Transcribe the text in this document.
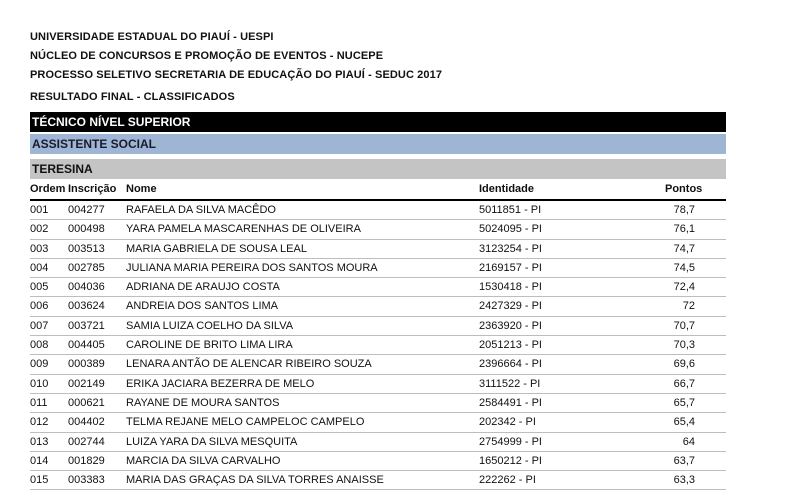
UNIVERSIDADE ESTADUAL DO PIAUÍ - UESPI
NÚCLEO DE CONCURSOS E PROMOÇÃO DE EVENTOS - NUCEPE
PROCESSO SELETIVO SECRETARIA DE EDUCAÇÃO DO PIAUÍ - SEDUC 2017
RESULTADO FINAL - CLASSIFICADOS
TÉCNICO NÍVEL SUPERIOR
ASSISTENTE SOCIAL
TERESINA
Ordem Inscrição Nome	Identidade	Pontos
001 004277 RAFAELA DA SILVA MACÊDO	5011851 - PI	78,7
002 000498 YARA PAMELA MASCARENHAS DE OLIVEIRA	5024095 - PI	76,1
003 003513 MARIA GABRIELA DE SOUSA LEAL	3123254 - PI	74,7
004 002785 JULIANA MARIA PEREIRA DOS SANTOS MOURA	2169157 - PI	74,5
005 004036 ADRIANA DE ARAUJO COSTA	1530418 - PI	72,4
006 003624 ANDREIA DOS SANTOS LIMA	2427329 - PI	72
007 003721 SAMIA LUIZA COELHO DA SILVA	2363920 - PI	70,7
008 004405 CAROLINE DE BRITO LIMA LIRA	2051213 - PI	70,3
009 000389 LENARA ANTÃO DE ALENCAR RIBEIRO SOUZA	2396664 - PI	69,6
010 002149 ERIKA JACIARA BEZERRA DE MELO	3111522 - PI	66,7
011 000621 RAYANE DE MOURA SANTOS	2584491 - PI	65,7
012 004402 TELMA REJANE MELO CAMPELOC CAMPELO	202342 - PI	65,4
013 002744 LUIZA YARA DA SILVA MESQUITA	2754999 - PI	64
014 001829 MARCIA DA SILVA CARVALHO	1650212 - PI	63,7
015 003383 MARIA DAS GRAÇAS DA SILVA TORRES ANAISSE	222262 - PI	63,3
